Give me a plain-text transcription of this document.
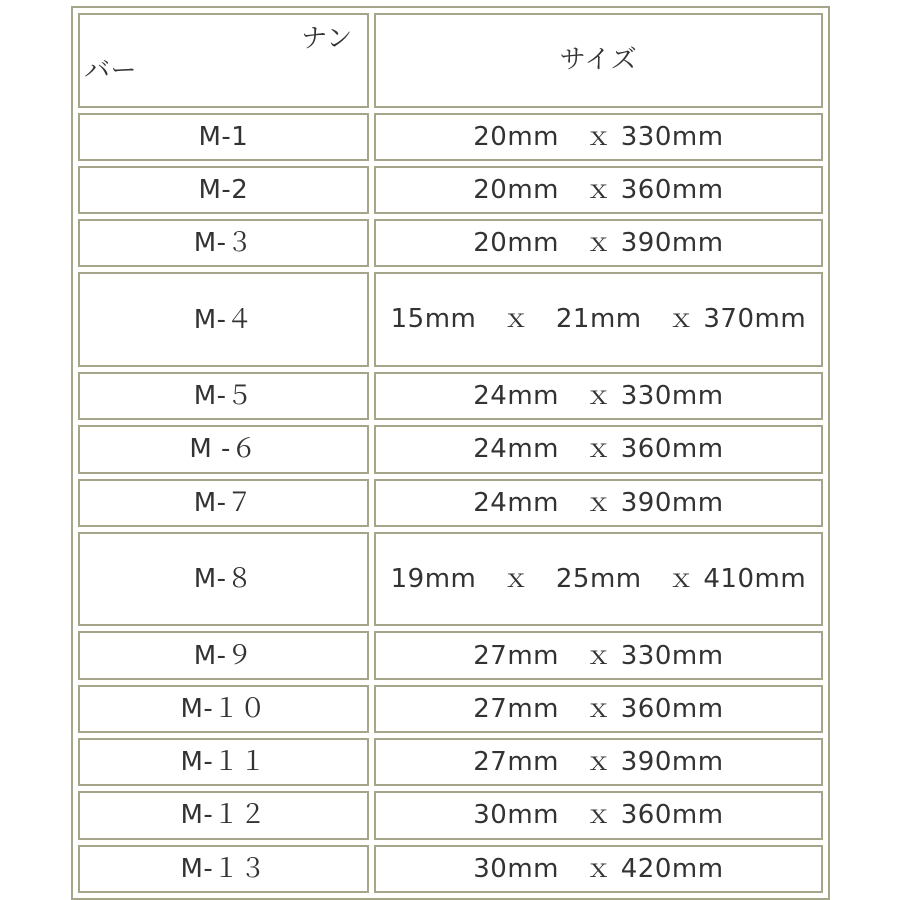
ナン
バー	サイズ
M-1	20mm　ｘ 330mm
M-2	20mm　ｘ 360mm
M-３	20mm　ｘ 390mm
M-４	15mm　ｘ　21mm　ｘ 370mm
M-５	24mm　ｘ 330mm
M -６	24mm　ｘ 360mm
M-７	24mm　ｘ 390mm
M-８	19mm　ｘ　25mm　ｘ 410mm
M-９	27mm　ｘ 330mm
M-１０	27mm　ｘ 360mm
M-１１	27mm　ｘ 390mm
M-１２	30mm　ｘ 360mm
M-１３	30mm　ｘ 420mm
